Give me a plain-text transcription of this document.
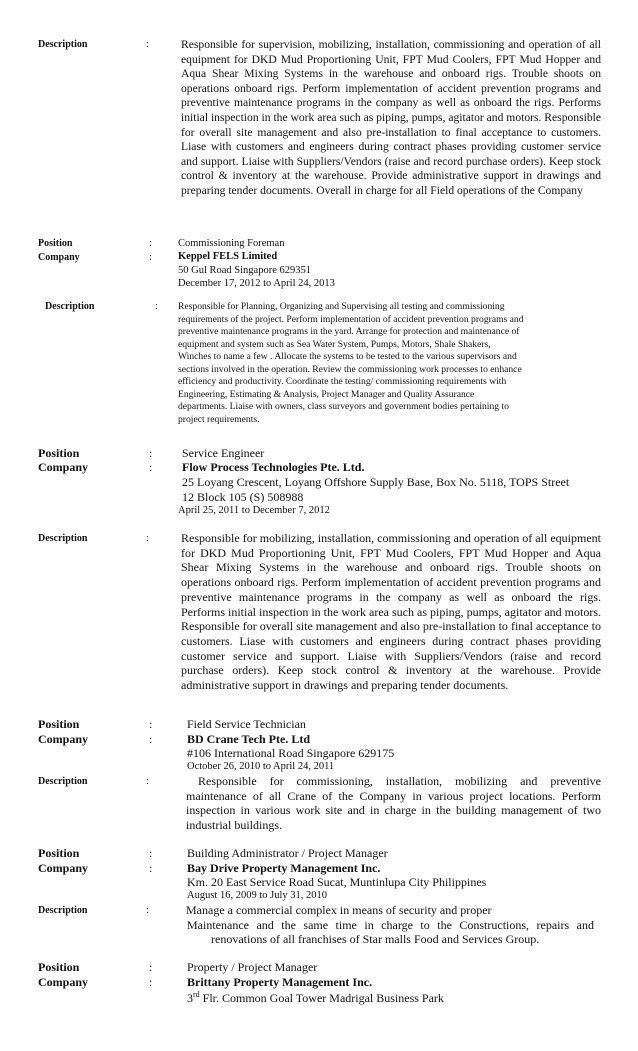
Description	:	Responsible for supervision, mobilizing, installation, commissioning and operation of all equipment for DKD Mud Proportioning Unit, FPT Mud Coolers, FPT Mud Hopper and Aqua Shear Mixing Systems in the warehouse and onboard rigs. Trouble shoots on operations onboard rigs. Perform implementation of accident prevention programs and preventive maintenance programs in the company as well as onboard the rigs. Performs initial inspection in the work area such as piping, pumps, agitator and motors. Responsible for overall site management and also pre-installation to final acceptance to customers. Liase with customers and engineers during contract phases providing customer service and support. Liaise with Suppliers/Vendors (raise and record purchase orders). Keep stock control & inventory at the warehouse. Provide administrative support in drawings and preparing tender documents. Overall in charge for all Field operations of the Company
Position	: Commissioning Foreman
Company	: Keppel FELS Limited
50 Gul Road Singapore 629351
December 17, 2012 to April 24, 2013
Description	: Responsible for Planning, Organizing and Supervising all testing and commissioning
requirements of the project. Perform implementation of accident prevention programs and
preventive maintenance programs in the yard. Arrange for protection and maintenance of
equipment and system such as Sea Water System, Pumps, Motors, Shale Shakers,
Winches to name a few . Allocate the systems to be tested to the various supervisors and
sections involved in the operation. Review the commissioning work processes to enhance
efficiency and productivity. Coordinate the testing/ commissioning requirements with
Engineering, Estimating & Analysis, Project Manager and Quality Assurance
departments. Liaise with owners, class surveyors and government bodies pertaining to
project requirements.
Position	: Service Engineer
Company	: Flow Process Technologies Pte. Ltd.
25 Loyang Crescent, Loyang Offshore Supply Base, Box No. 5118, TOPS Street
12 Block 105 (S) 508988
April 25, 2011 to December 7, 2012
Description	:	Responsible for mobilizing, installation, commissioning and operation of all equipment for DKD Mud Proportioning Unit, FPT Mud Coolers, FPT Mud Hopper and Aqua Shear Mixing Systems in the warehouse and onboard rigs. Trouble shoots on operations onboard rigs. Perform implementation of accident prevention programs and preventive maintenance programs in the company as well as onboard the rigs. Performs initial inspection in the work area such as piping, pumps, agitator and motors. Responsible for overall site management and also pre-installation to final acceptance to customers. Liase with customers and engineers during contract phases providing customer service and support. Liaise with Suppliers/Vendors (raise and record purchase orders). Keep stock control & inventory at the warehouse. Provide administrative support in drawings and preparing tender documents.
Position	:	Field Service Technician
Company	:	BD Crane Tech Pte. Ltd
#106 International Road Singapore 629175
October 26, 2010 to April 24, 2011
Description	:	Responsible for commissioning, installation, mobilizing and preventive maintenance of all Crane of the Company in various project locations. Perform inspection in various work site and in charge in the building management of two industrial buildings.
Position	:	Building Administrator / Project Manager
Company	:	Bay Drive Property Management Inc.
Km. 20 East Service Road Sucat, Muntinlupa City Philippines
August 16, 2009 to July 31, 2010
Description	:	Manage a commercial complex in means of security and proper
Maintenance and the same time in charge to the Constructions, repairs and
renovations of all franchises of Star malls Food and Services Group.
Position	:	Property / Project Manager
Company	:	Brittany Property Management Inc.
3rd Flr. Common Goal Tower Madrigal Business Park
